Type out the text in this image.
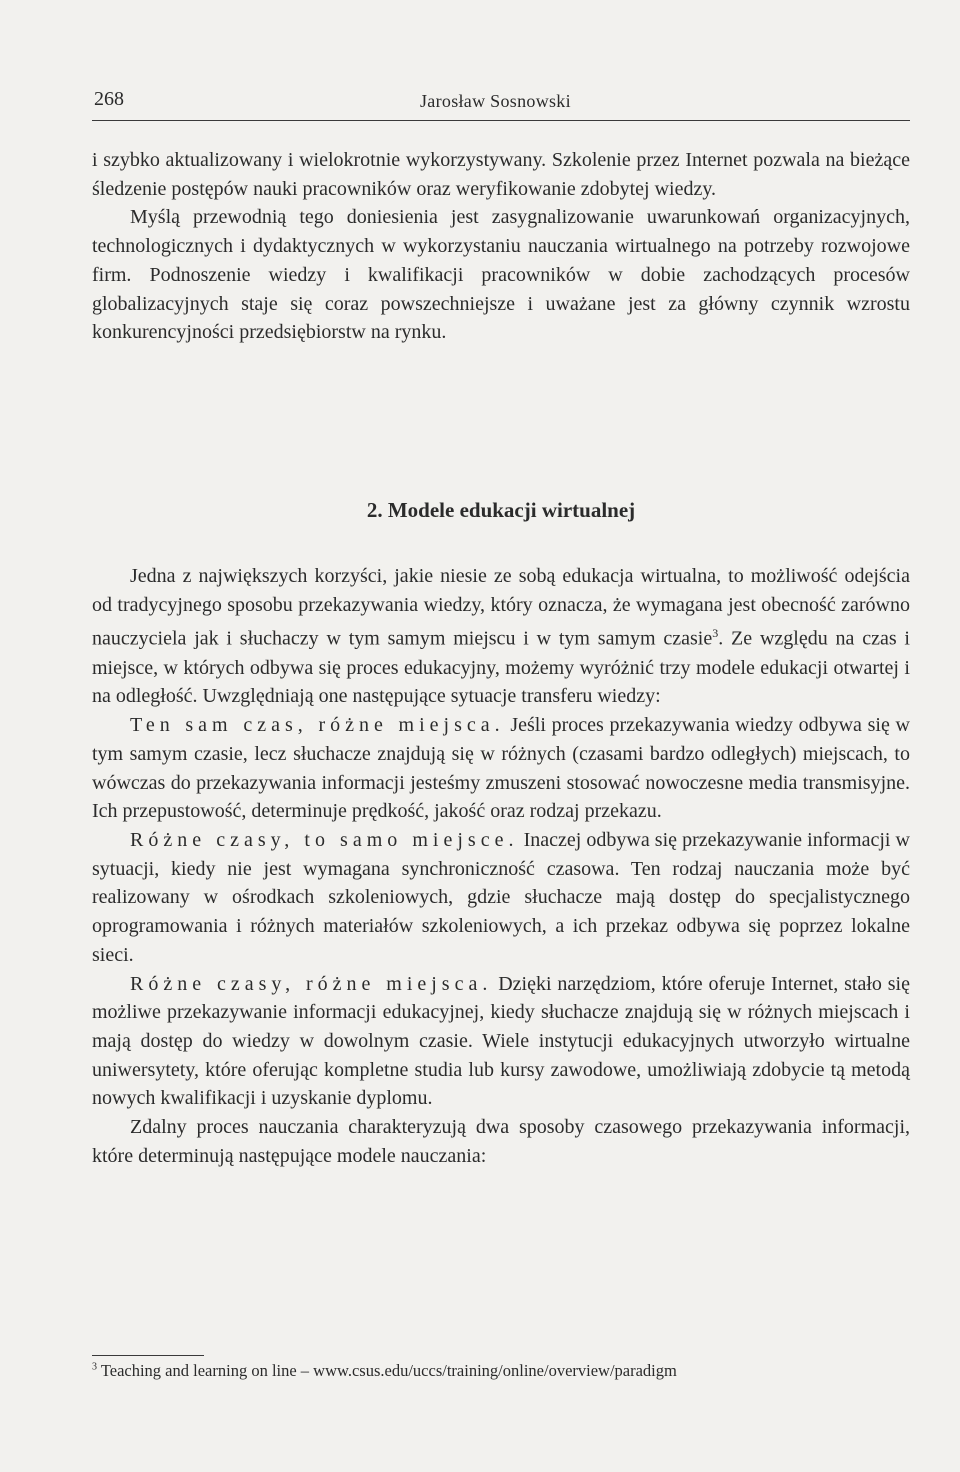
268	Jarosław Sosnowski

i szybko aktualizowany i wielokrotnie wykorzystywany. Szkolenie przez Internet pozwala na bieżące śledzenie postępów nauki pracowników oraz weryfikowanie zdobytej wiedzy.

Myślą przewodnią tego doniesienia jest zasygnalizowanie uwarunkowań organizacyjnych, technologicznych i dydaktycznych w wykorzystaniu nauczania wirtualnego na potrzeby rozwojowe firm. Podnoszenie wiedzy i kwalifikacji pracowników w dobie zachodzących procesów globalizacyjnych staje się coraz powszechniejsze i uważane jest za główny czynnik wzrostu konkurencyjności przedsiębiorstw na rynku.

2. Modele edukacji wirtualnej

Jedna z największych korzyści, jakie niesie ze sobą edukacja wirtualna, to możliwość odejścia od tradycyjnego sposobu przekazywania wiedzy, który oznacza, że wymagana jest obecność zarówno nauczyciela jak i słuchaczy w tym samym miejscu i w tym samym czasie$^3$. Ze względu na czas i miejsce, w których odbywa się proces edukacyjny, możemy wyróżnić trzy modele edukacji otwartej i na odległość. Uwzględniają one następujące sytuacje transferu wiedzy:

Ten sam czas, różne miejsca. Jeśli proces przekazywania wiedzy odbywa się w tym samym czasie, lecz słuchacze znajdują się w różnych (czasami bardzo odległych) miejscach, to wówczas do przekazywania informacji jesteśmy zmuszeni stosować nowoczesne media transmisyjne. Ich przepustowość, determinuje prędkość, jakość oraz rodzaj przekazu.

Różne czasy, to samo miejsce. Inaczej odbywa się przekazywanie informacji w sytuacji, kiedy nie jest wymagana synchroniczność czasowa. Ten rodzaj nauczania może być realizowany w ośrodkach szkoleniowych, gdzie słuchacze mają dostęp do specjalistycznego oprogramowania i różnych materiałów szkoleniowych, a ich przekaz odbywa się poprzez lokalne sieci.

Różne czasy, różne miejsca. Dzięki narzędziom, które oferuje Internet, stało się możliwe przekazywanie informacji edukacyjnej, kiedy słuchacze znajdują się w różnych miejscach i mają dostęp do wiedzy w dowolnym czasie. Wiele instytucji edukacyjnych utworzyło wirtualne uniwersytety, które oferując kompletne studia lub kursy zawodowe, umożliwiają zdobycie tą metodą nowych kwalifikacji i uzyskanie dyplomu.

Zdalny proces nauczania charakteryzują dwa sposoby czasowego przekazywania informacji, które determinują następujące modele nauczania:

$^3$ Teaching and learning on line – www.csus.edu/uccs/training/online/overview/paradigm
